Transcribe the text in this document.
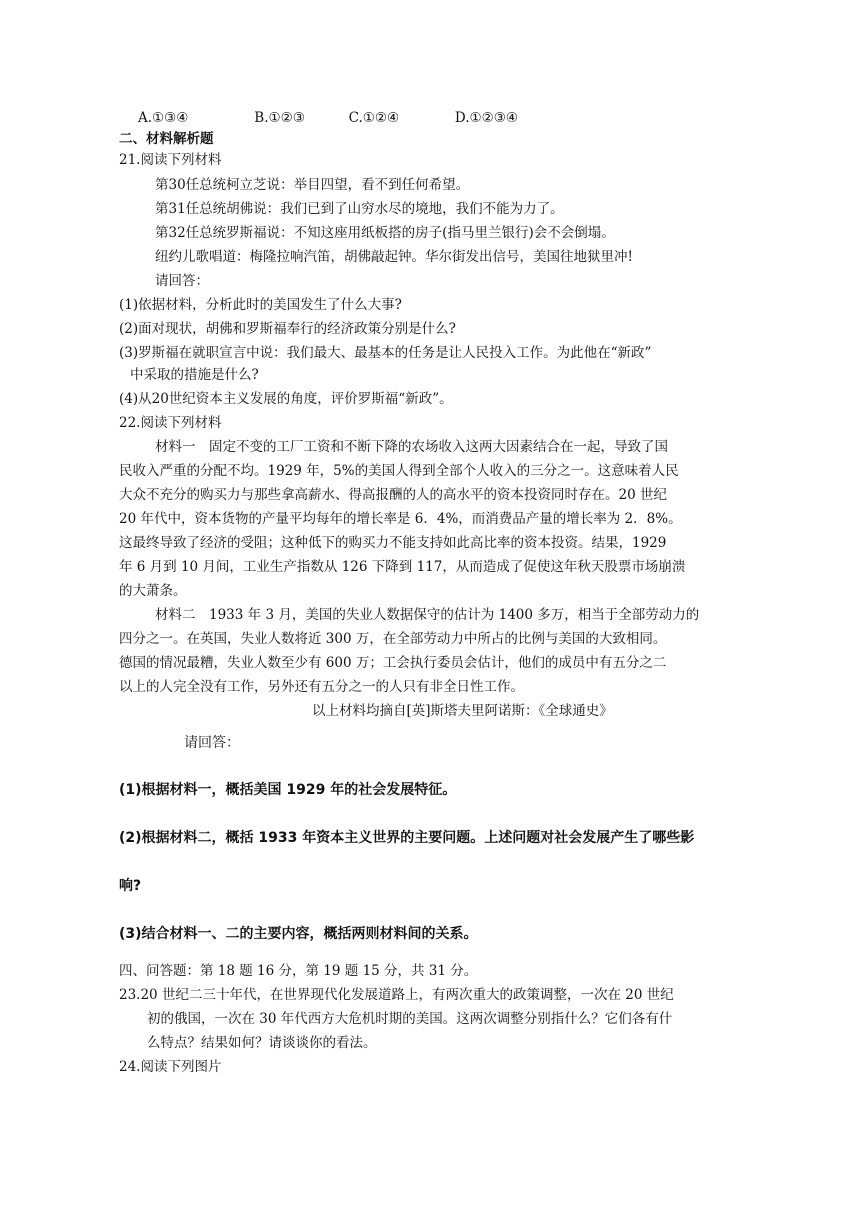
A.①③④	B.①②③	C.①②④	D.①②③④
二、材料解析题
21.阅读下列材料
第30任总统柯立芝说：举目四望，看不到任何希望。
第31任总统胡佛说：我们已到了山穷水尽的境地，我们不能为力了。
第32任总统罗斯福说：不知这座用纸板搭的房子(指马里兰银行)会不会倒塌。
纽约儿歌唱道：梅隆拉响汽笛，胡佛敲起钟。华尔街发出信号，美国往地狱里冲!
请回答：
(1)依据材料，分析此时的美国发生了什么大事?
(2)面对现状，胡佛和罗斯福奉行的经济政策分别是什么?
(3)罗斯福在就职宣言中说：我们最大、最基本的任务是让人民投入工作。为此他在“新政”
中采取的措施是什么?
(4)从20世纪资本主义发展的角度，评价罗斯福“新政”。
22.阅读下列材料
材料一　固定不变的工厂工资和不断下降的农场收入这两大因素结合在一起，导致了国
民收入严重的分配不均。1929 年，5%的美国人得到全部个人收入的三分之一。这意味着人民
大众不充分的购买力与那些拿高薪水、得高报酬的人的高水平的资本投资同时存在。20 世纪
20 年代中，资本货物的产量平均每年的增长率是 6．4%，而消费品产量的增长率为 2．8%。
这最终导致了经济的受阻；这种低下的购买力不能支持如此高比率的资本投资。结果，1929
年 6 月到 10 月间，工业生产指数从 126 下降到 117，从而造成了促使这年秋天股票市场崩溃
的大萧条。
材料二　1933 年 3 月，美国的失业人数据保守的估计为 1400 多万，相当于全部劳动力的
四分之一。在英国，失业人数将近 300 万，在全部劳动力中所占的比例与美国的大致相同。
德国的情况最糟，失业人数至少有 600 万；工会执行委员会估计，他们的成员中有五分之二
以上的人完全没有工作，另外还有五分之一的人只有非全日性工作。
以上材料均摘自[英]斯塔夫里阿诺斯：《全球通史》
请回答：
(1)根据材料一，概括美国 1929 年的社会发展特征。
(2)根据材料二，概括 1933 年资本主义世界的主要问题。上述问题对社会发展产生了哪些影
响?
(3)结合材料一、二的主要内容，概括两则材料间的关系。
四、问答题：第 18 题 16 分，第 19 题 15 分，共 31 分。
23.20 世纪二三十年代，在世界现代化发展道路上，有两次重大的政策调整，一次在 20 世纪
初的俄国，一次在 30 年代西方大危机时期的美国。这两次调整分别指什么？它们各有什
么特点？结果如何？请谈谈你的看法。
24.阅读下列图片
